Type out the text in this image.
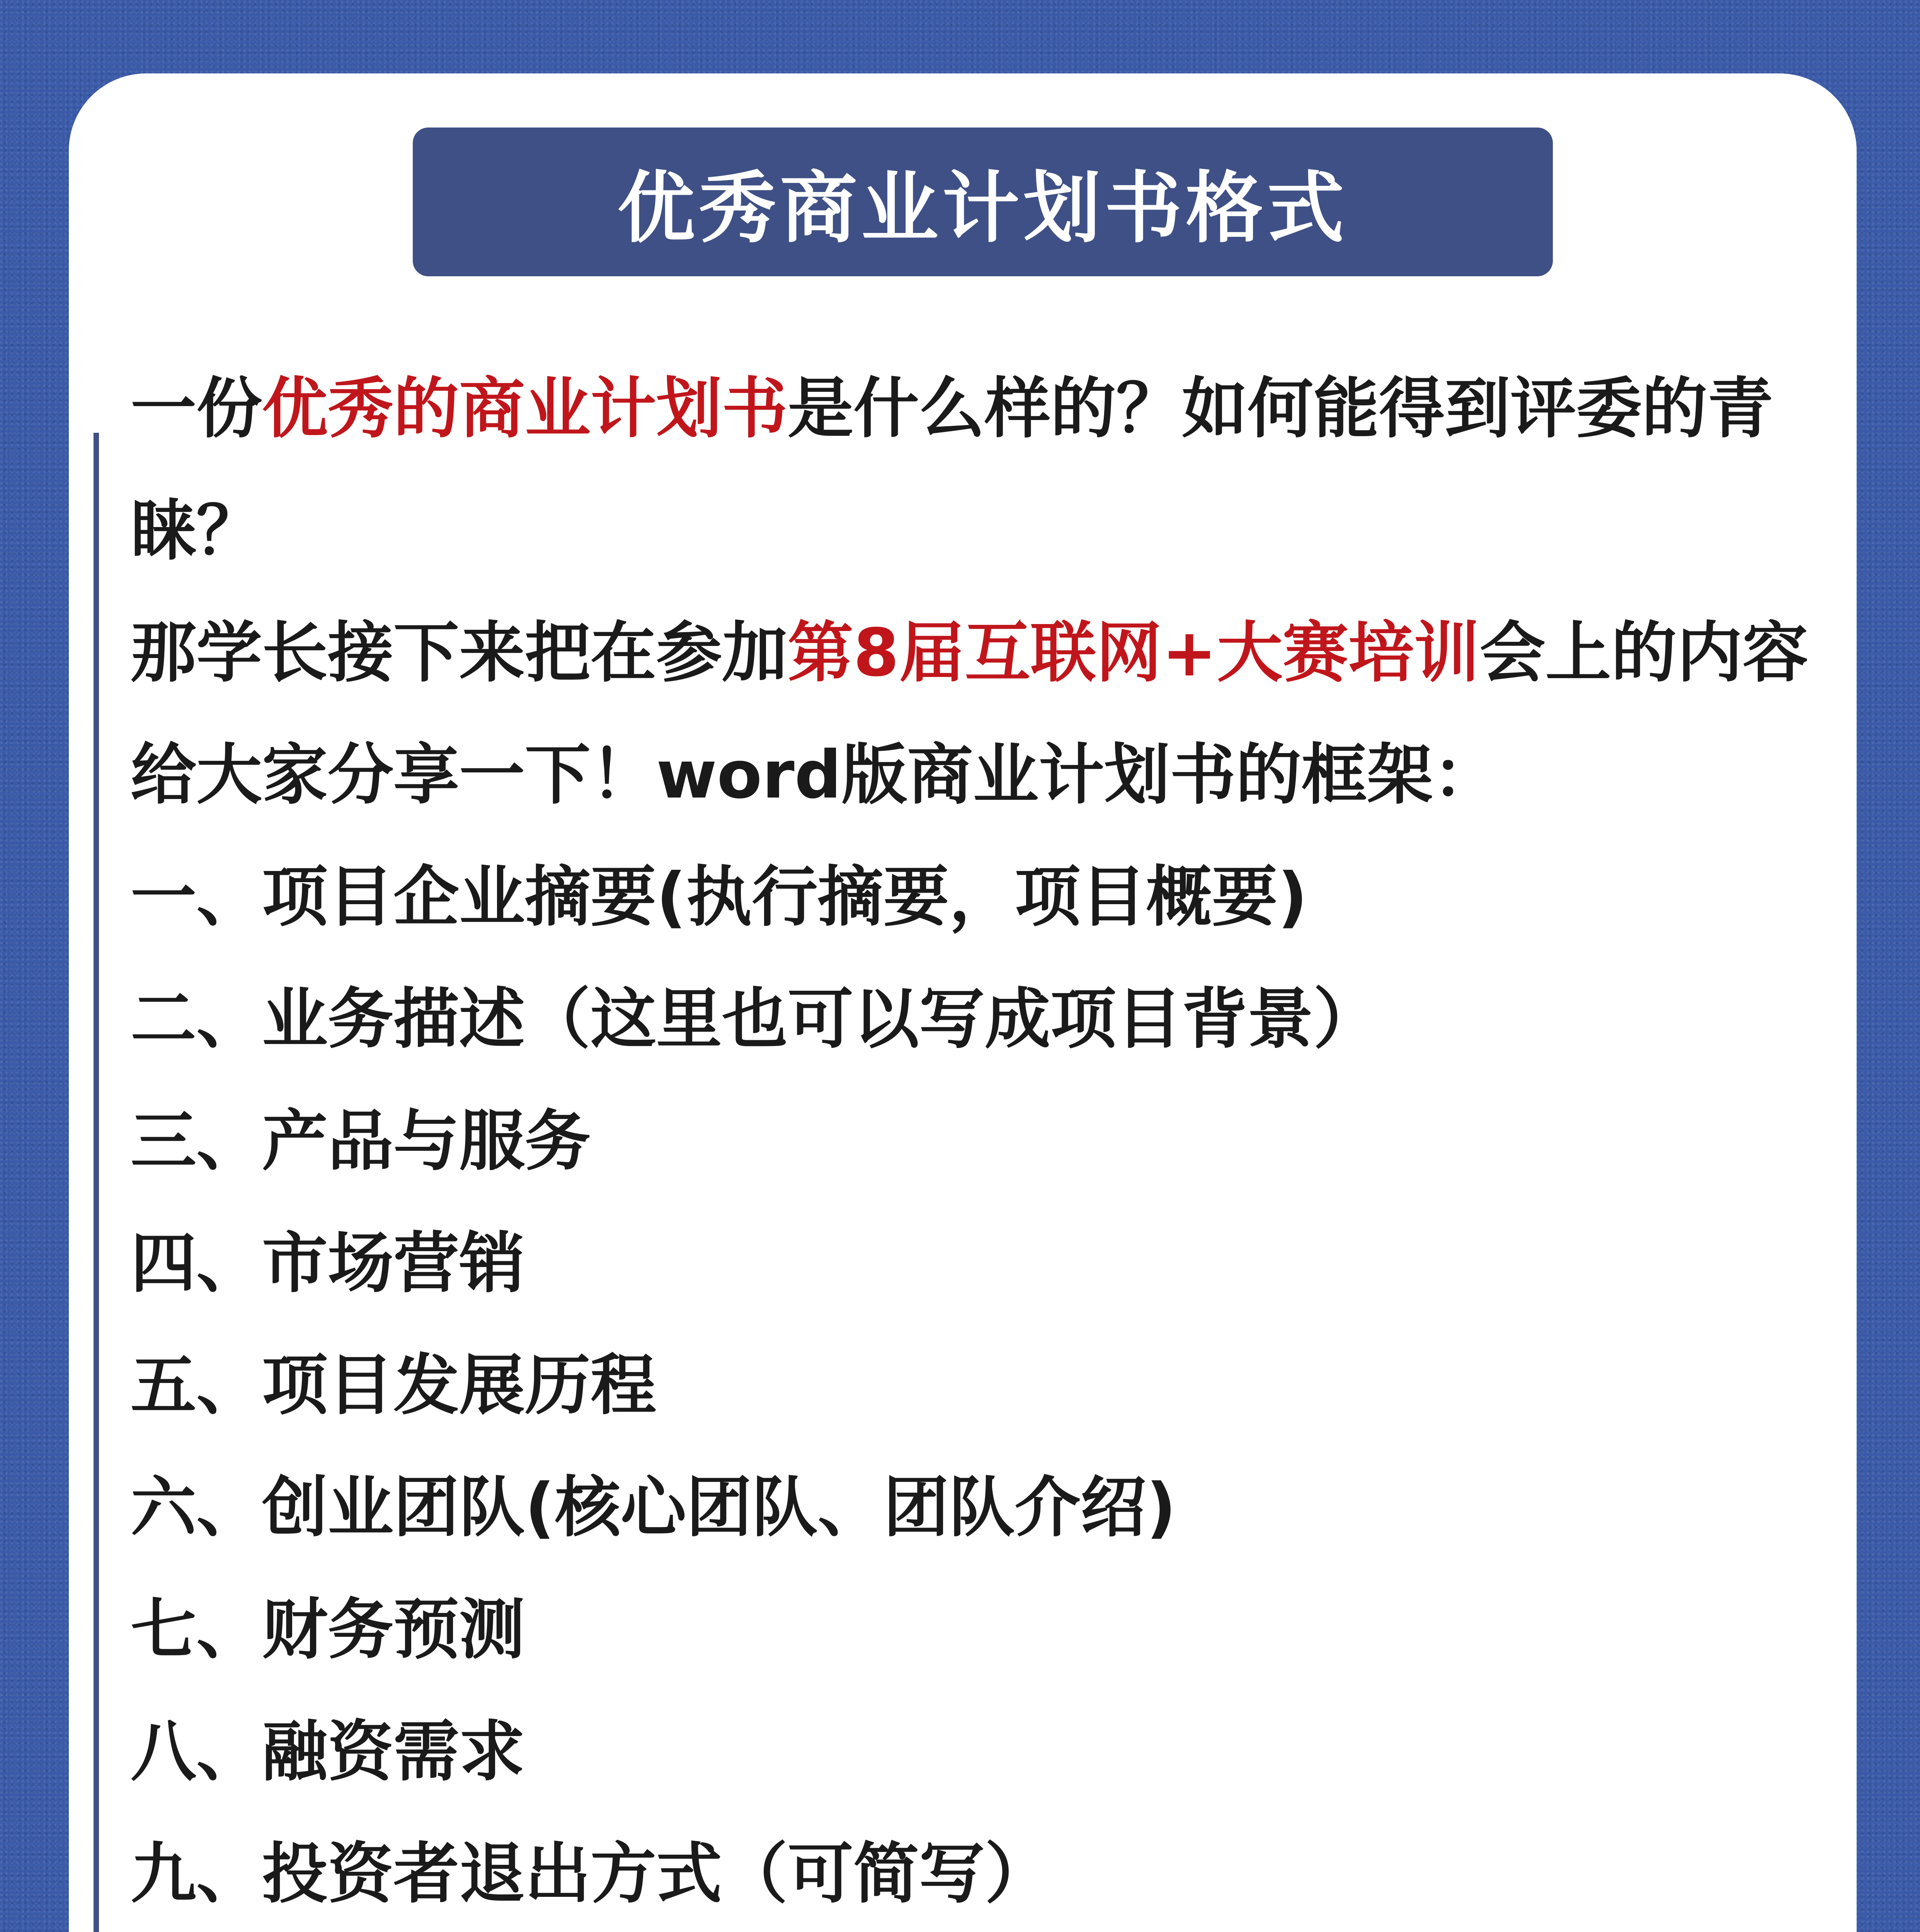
优秀商业计划书格式
一份优秀的商业计划书是什么样的？如何能得到评委的青
睐？
那学长接下来把在参加第8届互联网+大赛培训会上的内容
给大家分享一下！word版商业计划书的框架：
一、项目企业摘要(执行摘要，项目概要)
二、业务描述（这里也可以写成项目背景）
三、产品与服务
四、市场营销
五、项目发展历程
六、创业团队(核心团队、团队介绍)
七、财务预测
八、融资需求
九、投资者退出方式（可简写）
